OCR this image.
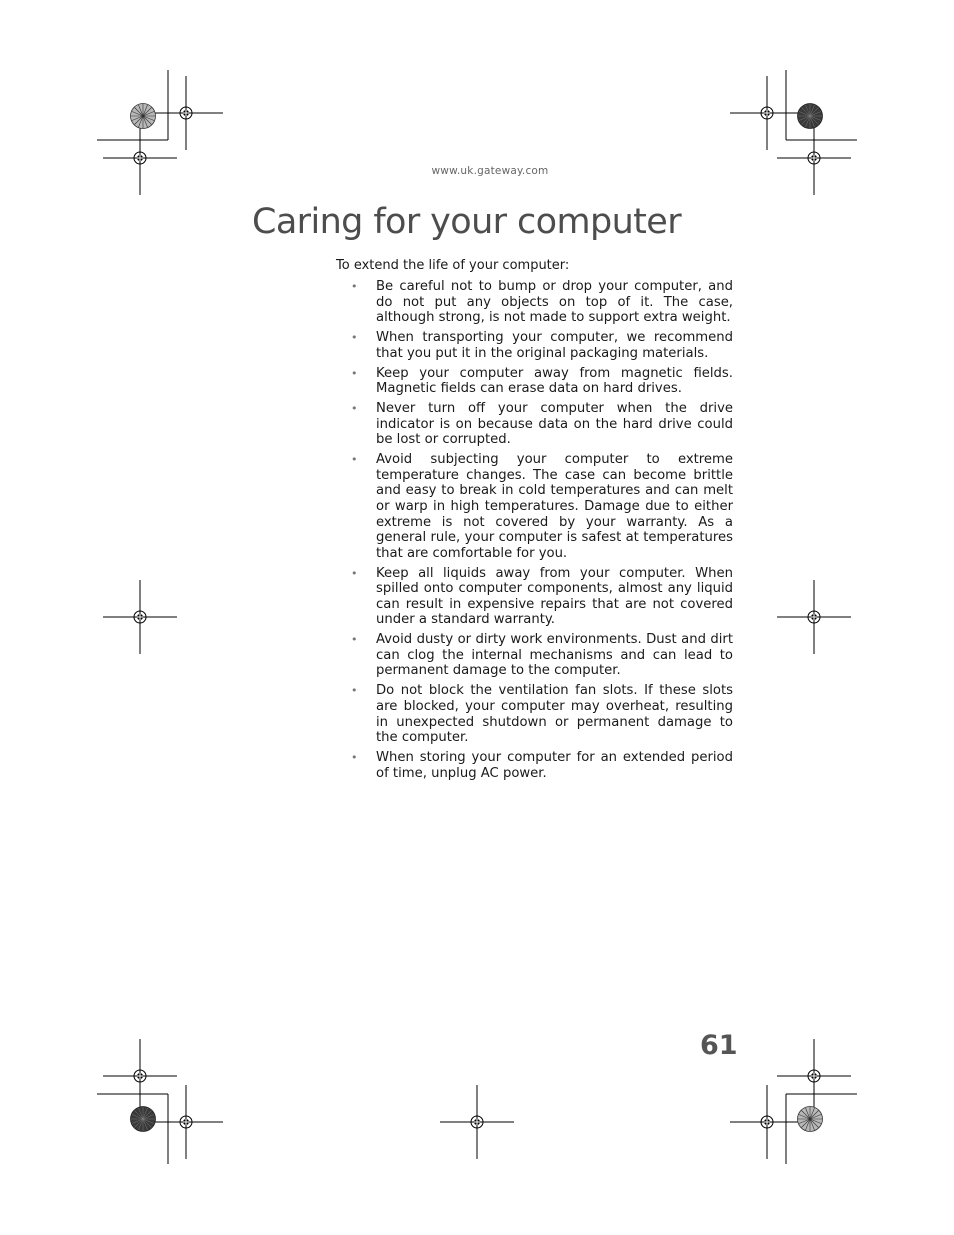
www.uk.gateway.com
Caring for your computer
To extend the life of your computer:
• Be careful not to bump or drop your computer, and do not put any objects on top of it. The case, although strong, is not made to support extra weight.
• When transporting your computer, we recommend that you put it in the original packaging materials.
• Keep your computer away from magnetic fields. Magnetic fields can erase data on hard drives.
• Never turn off your computer when the drive indicator is on because data on the hard drive could be lost or corrupted.
• Avoid subjecting your computer to extreme temperature changes. The case can become brittle and easy to break in cold temperatures and can melt or warp in high temperatures. Damage due to either extreme is not covered by your warranty. As a general rule, your computer is safest at temperatures that are comfortable for you.
• Keep all liquids away from your computer. When spilled onto computer components, almost any liquid can result in expensive repairs that are not covered under a standard warranty.
• Avoid dusty or dirty work environments. Dust and dirt can clog the internal mechanisms and can lead to permanent damage to the computer.
• Do not block the ventilation fan slots. If these slots are blocked, your computer may overheat, resulting in unexpected shutdown or permanent damage to the computer.
• When storing your computer for an extended period of time, unplug AC power.
61
